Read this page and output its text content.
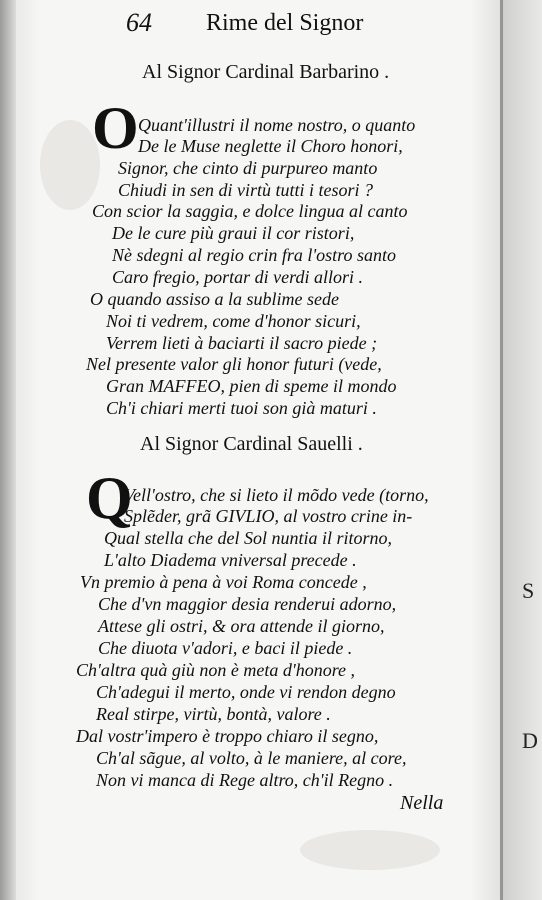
S
D
64 Rime del Signor
Al Signor Cardinal Barbarino .
O Quant'illustri il nome nostro, o quanto
De le Muse neglette il Choro honori,
Signor, che cinto di purpureo manto
Chiudi in sen di virtù tutti i tesori ?
Con scior la saggia, e dolce lingua al canto
De le cure più graui il cor ristori,
Nè sdegni al regio crin fra l'ostro santo
Caro fregio, portar di verdi allori .
O quando assiso a la sublime sede
Noi ti vedrem, come d'honor sicuri,
Verrem lieti à baciarti il sacro piede ;
Nel presente valor gli honor futuri (vede,
Gran MAFFEO, pien di speme il mondo
Ch'i chiari merti tuoi son già maturi .
Al Signor Cardinal Sauelli .
Q
Vell'ostro, che si lieto il mõdo vede (torno,
Splẽder, grã GIVLIO, al vostro crine in-
Qual stella che del Sol nuntia il ritorno,
L'alto Diadema vniversal precede .
Vn premio à pena à voi Roma concede ,
Che d'vn maggior desia renderui adorno,
Attese gli ostri, & ora attende il giorno,
Che diuota v'adori, e baci il piede .
Ch'altra quà giù non è meta d'honore ,
Ch'adegui il merto, onde vi rendon degno
Real stirpe, virtù, bontà, valore .
Dal vostr'impero è troppo chiaro il segno,
Ch'al sãgue, al volto, à le maniere, al core,
Non vi manca di Rege altro, ch'il Regno .
Nella
